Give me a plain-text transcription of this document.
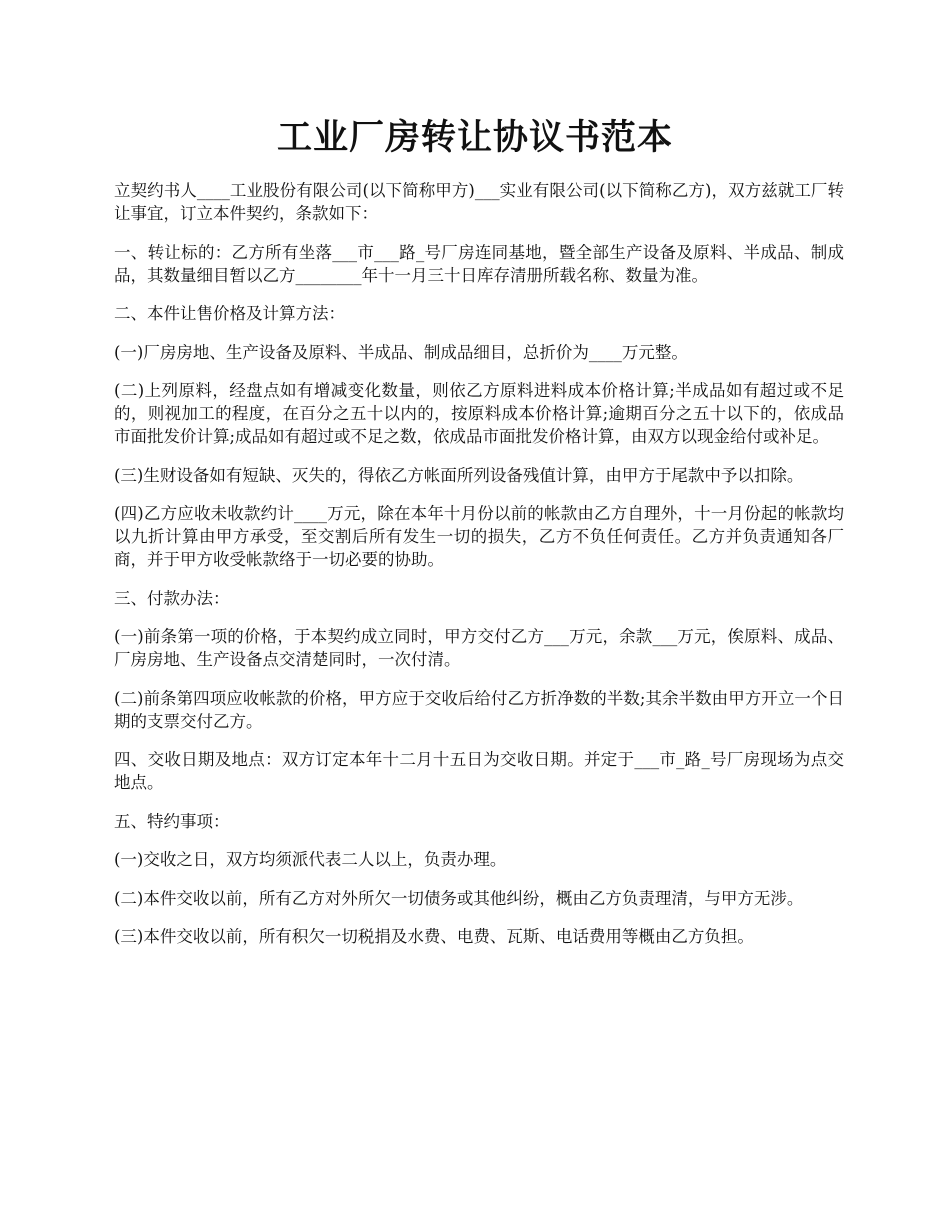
工业厂房转让协议书范本

立契约书人____工业股份有限公司(以下简称甲方)___实业有限公司(以下简称乙方)，双方兹就工厂转让事宜，订立本件契约，条款如下：

一、转让标的：乙方所有坐落___市___路_号厂房连同基地，暨全部生产设备及原料、半成品、制成品，其数量细目暂以乙方________年十一月三十日库存清册所载名称、数量为准。

二、本件让售价格及计算方法：

(一)厂房房地、生产设备及原料、半成品、制成品细目，总折价为____万元整。

(二)上列原料，经盘点如有增减变化数量，则依乙方原料进料成本价格计算;半成品如有超过或不足的，则视加工的程度，在百分之五十以内的，按原料成本价格计算;逾期百分之五十以下的，依成品市面批发价计算;成品如有超过或不足之数，依成品市面批发价格计算，由双方以现金给付或补足。

(三)生财设备如有短缺、灭失的，得依乙方帐面所列设备残值计算，由甲方于尾款中予以扣除。

(四)乙方应收未收款约计____万元，除在本年十月份以前的帐款由乙方自理外，十一月份起的帐款均以九折计算由甲方承受，至交割后所有发生一切的损失，乙方不负任何责任。乙方并负责通知各厂商，并于甲方收受帐款络于一切必要的协助。

三、付款办法：

(一)前条第一项的价格，于本契约成立同时，甲方交付乙方___万元，余款___万元，俟原料、成品、厂房房地、生产设备点交清楚同时，一次付清。

(二)前条第四项应收帐款的价格，甲方应于交收后给付乙方折净数的半数;其余半数由甲方开立一个日期的支票交付乙方。

四、交收日期及地点：双方订定本年十二月十五日为交收日期。并定于___市_路_号厂房现场为点交地点。

五、特约事项：

(一)交收之日，双方均须派代表二人以上，负责办理。

(二)本件交收以前，所有乙方对外所欠一切债务或其他纠纷，概由乙方负责理清，与甲方无涉。

(三)本件交收以前，所有积欠一切税捐及水费、电费、瓦斯、电话费用等概由乙方负担。
